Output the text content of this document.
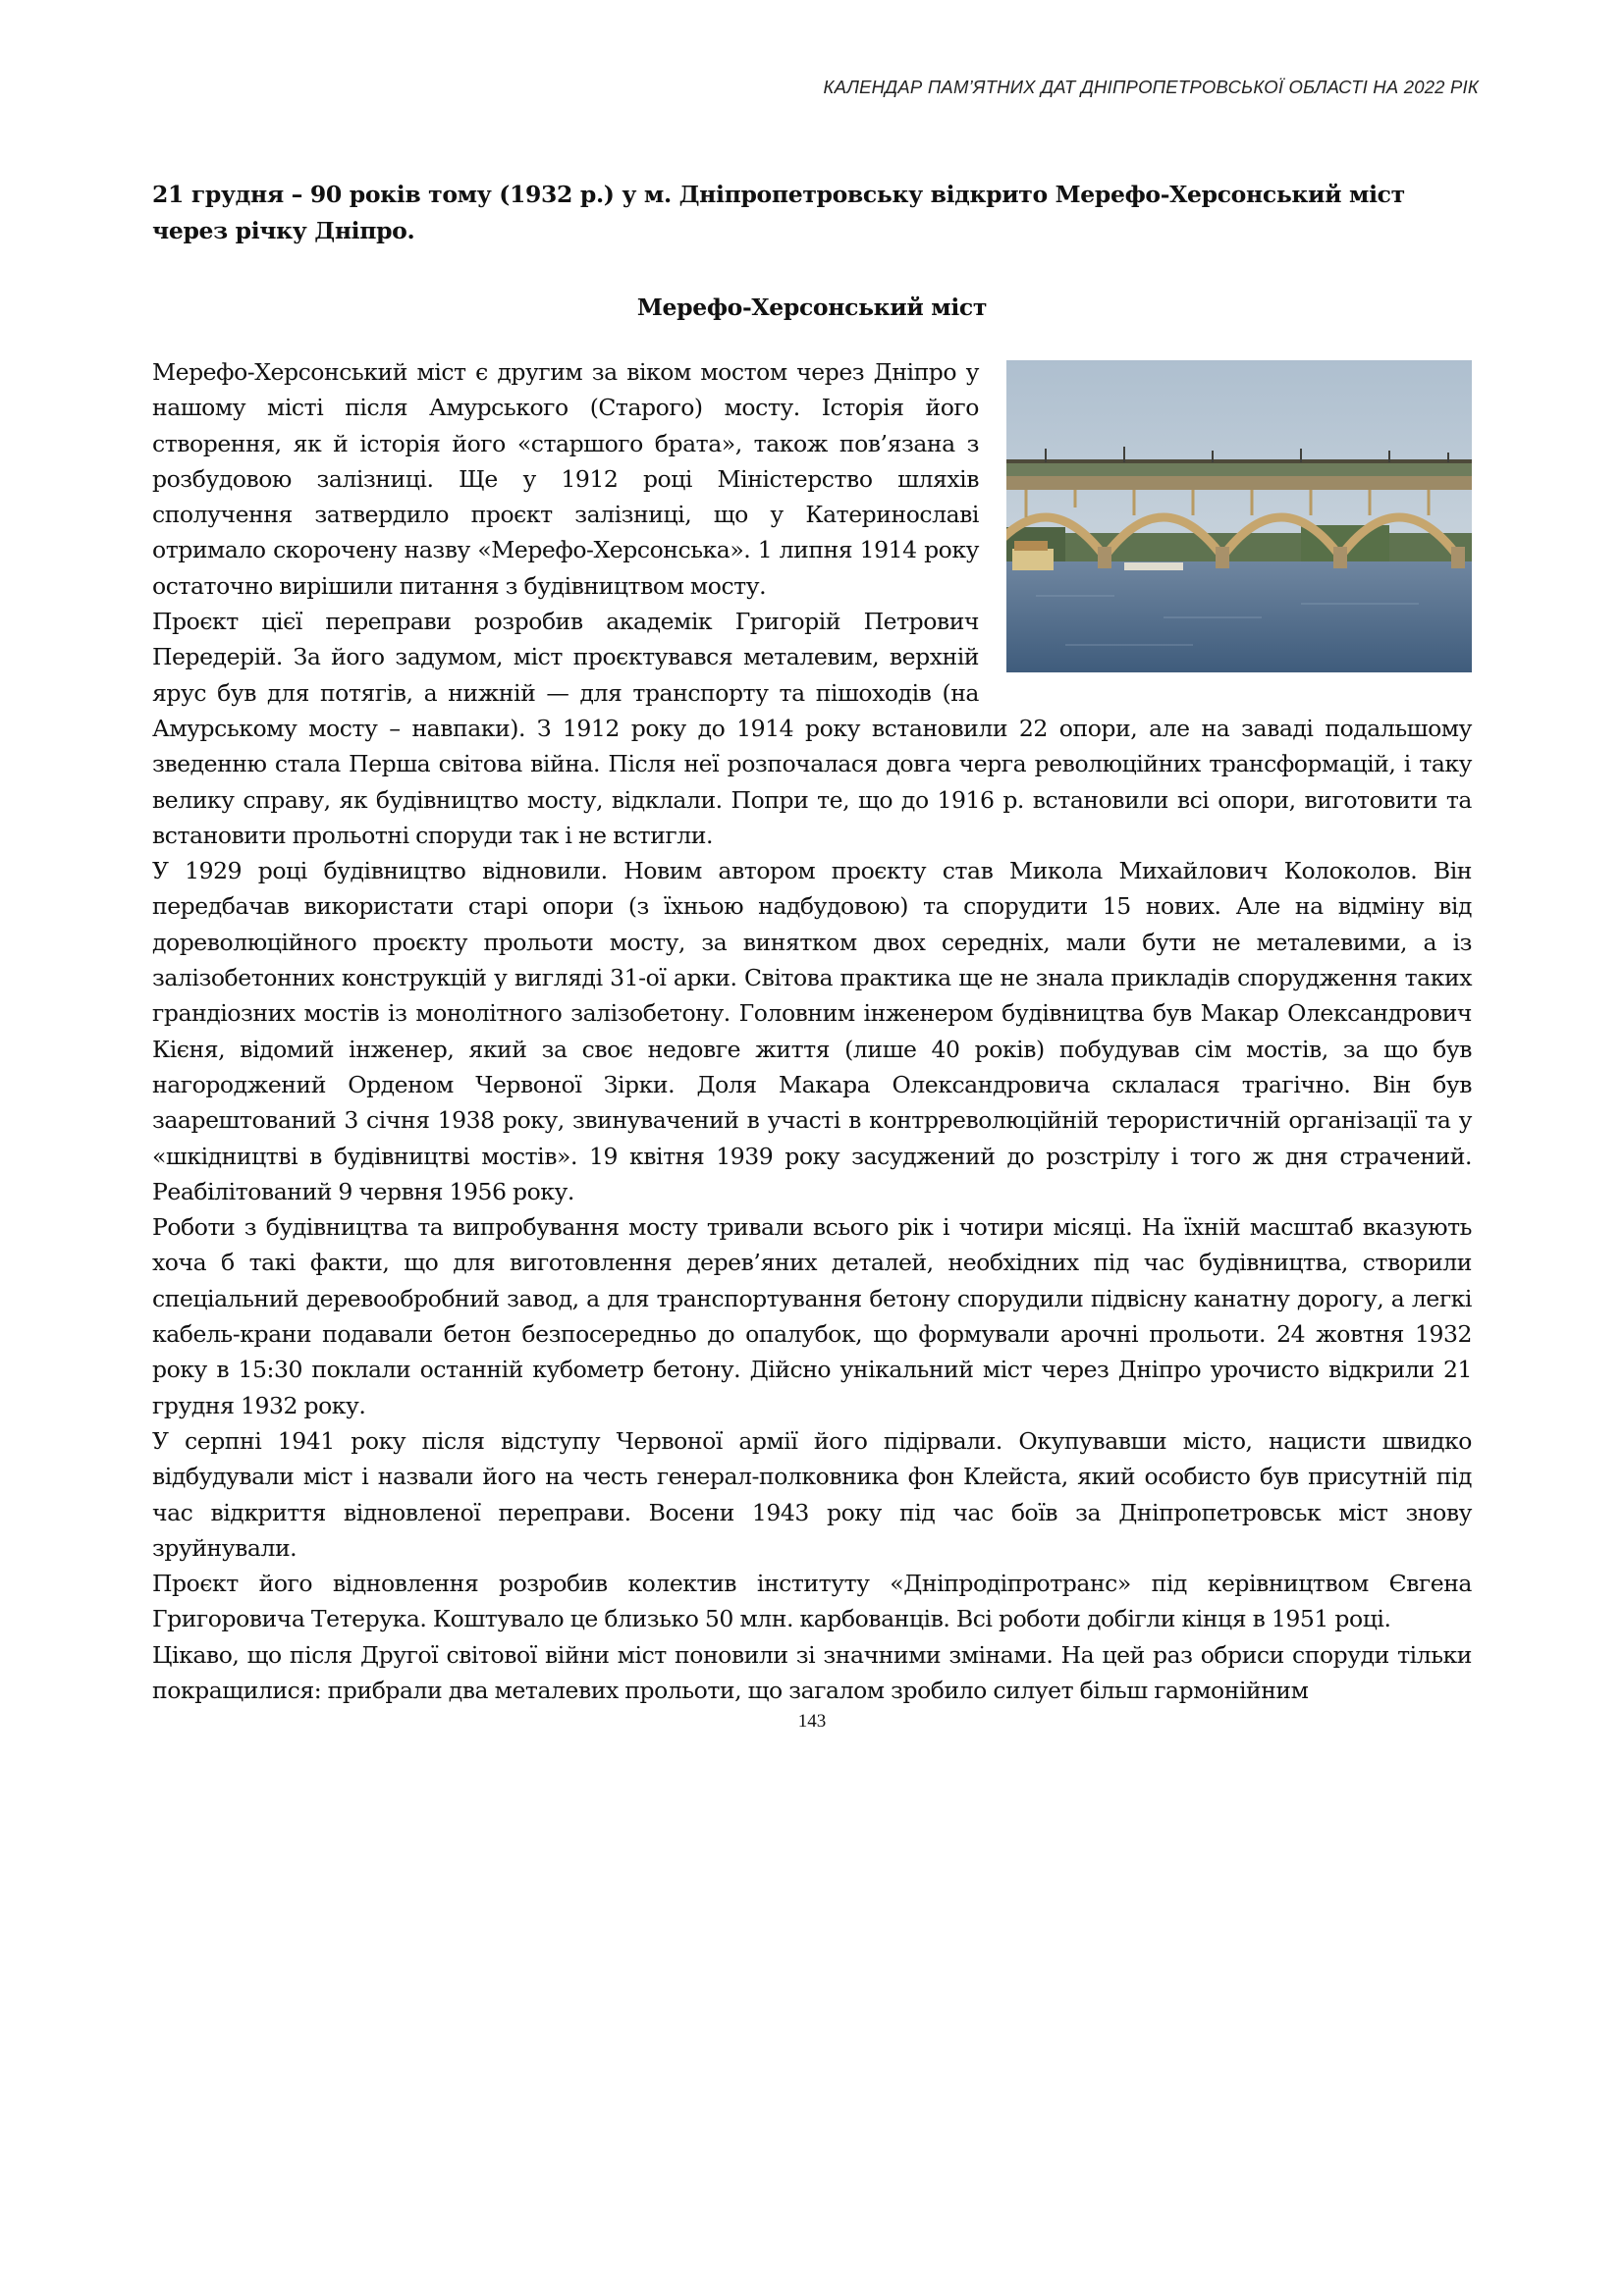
КАЛЕНДАР ПАМ’ЯТНИХ ДАТ ДНІПРОПЕТРОВСЬКОЇ ОБЛАСТІ НА 2022 РІК

21 грудня – 90 років тому (1932 р.) у м. Дніпропетровську відкрито Мерефо-Херсонський міст через річку Дніпро.

Мерефо-Херсонський міст

Мерефо-Херсонський міст є другим за віком мостом через Дніпро у нашому місті після Амурського (Старого) мосту. Історія його створення, як й історія його «старшого брата», також пов’язана з розбудовою залізниці. Ще у 1912 році Міністерство шляхів сполучення затвердило проєкт залізниці, що у Катеринославі отримало скорочену назву «Мерефо-Херсонська». 1 липня 1914 року остаточно вирішили питання з будівництвом мосту.

Проєкт цієї переправи розробив академік Григорій Петрович Передерій. За його задумом, міст проєктувався металевим, верхній ярус був для потягів, а нижній — для транспорту та пішоходів (на Амурському мосту – навпаки). З 1912 року до 1914 року встановили 22 опори, але на заваді подальшому зведенню стала Перша світова війна. Після неї розпочалася довга черга революційних трансформацій, і таку велику справу, як будівництво мосту, відклали. Попри те, що до 1916 р. встановили всі опори, виготовити та встановити прольотні споруди так і не встигли.

У 1929 році будівництво відновили. Новим автором проєкту став Микола Михайлович Колоколов. Він передбачав використати старі опори (з їхньою надбудовою) та спорудити 15 нових. Але на відміну від дореволюційного проєкту прольоти мосту, за винятком двох середніх, мали бути не металевими, а із залізобетонних конструкцій у вигляді 31-ої арки. Світова практика ще не знала прикладів спорудження таких грандіозних мостів із монолітного залізобетону. Головним інженером будівництва був Макар Олександрович Кієня, відомий інженер, який за своє недовге життя (лише 40 років) побудував сім мостів, за що був нагороджений Орденом Червоної Зірки. Доля Макара Олександровича склалася трагічно. Він був заарештований 3 січня 1938 року, звинувачений в участі в контрреволюційній терористичній організації та у «шкідництві в будівництві мостів». 19 квітня 1939 року засуджений до розстрілу і того ж дня страчений. Реабілітований 9 червня 1956 року.

Роботи з будівництва та випробування мосту тривали всього рік і чотири місяці. На їхній масштаб вказують хоча б такі факти, що для виготовлення дерев’яних деталей, необхідних під час будівництва, створили спеціальний деревообробний завод, а для транспортування бетону спорудили підвісну канатну дорогу, а легкі кабель-крани подавали бетон безпосередньо до опалубок, що формували арочні прольоти. 24 жовтня 1932 року в 15:30 поклали останній кубометр бетону. Дійсно унікальний міст через Дніпро урочисто відкрили 21 грудня 1932 року.

У серпні 1941 року після відступу Червоної армії його підірвали. Окупувавши місто, нацисти швидко відбудували міст і назвали його на честь генерал-полковника фон Клейста, який особисто був присутній під час відкриття відновленої переправи. Восени 1943 року під час боїв за Дніпропетровськ міст знову зруйнували.

Проєкт його відновлення розробив колектив інституту «Дніпродіпротранс» під керівництвом Євгена Григоровича Тетерука. Коштувало це близько 50 млн. карбованців. Всі роботи добігли кінця в 1951 році.

Цікаво, що після Другої світової війни міст поновили зі значними змінами. На цей раз обриси споруди тільки покращилися: прибрали два металевих прольоти, що загалом зробило силует більш гармонійним

143
